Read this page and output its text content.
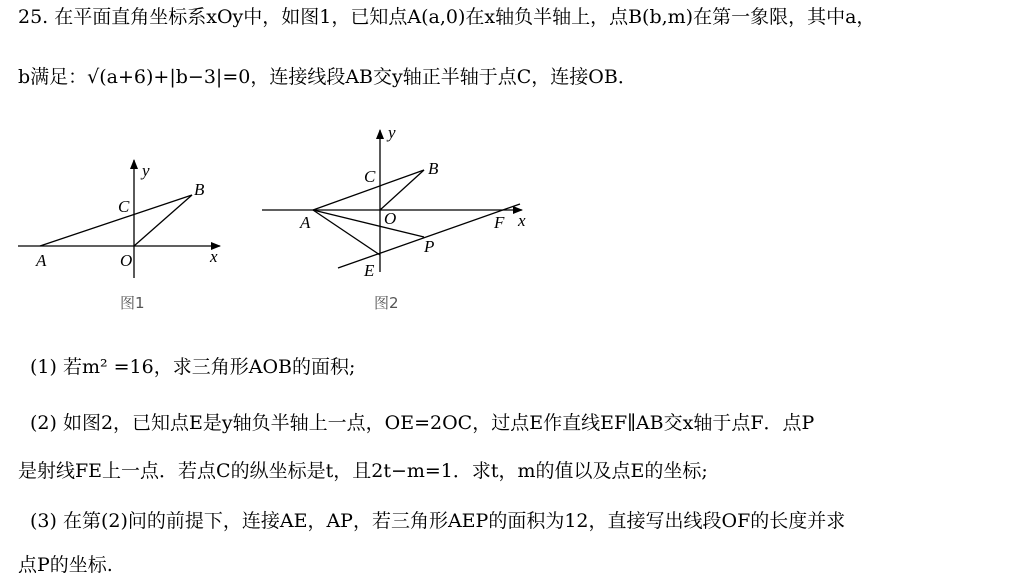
25. 在平面直角坐标系xOy中，如图1，已知点A(a,0)在x轴负半轴上，点B(b,m)在第一象限，其中a，
b满足：√(a+6)+|b−3|=0，连接线段AB交y轴正半轴于点C，连接OB．
y
C
B
A	O	x
图1
y
C	B
A	O	F x
P
E
图2
(1) 若m² =16，求三角形AOB的面积;
(2) 如图2，已知点E是y轴负半轴上一点，OE=2OC，过点E作直线EF∥AB交x轴于点F．点P
是射线FE上一点．若点C的纵坐标是t，且2t−m=1．求t，m的值以及点E的坐标;
(3) 在第(2)问的前提下，连接AE，AP，若三角形AEP的面积为12，直接写出线段OF的长度并求
点P的坐标.
